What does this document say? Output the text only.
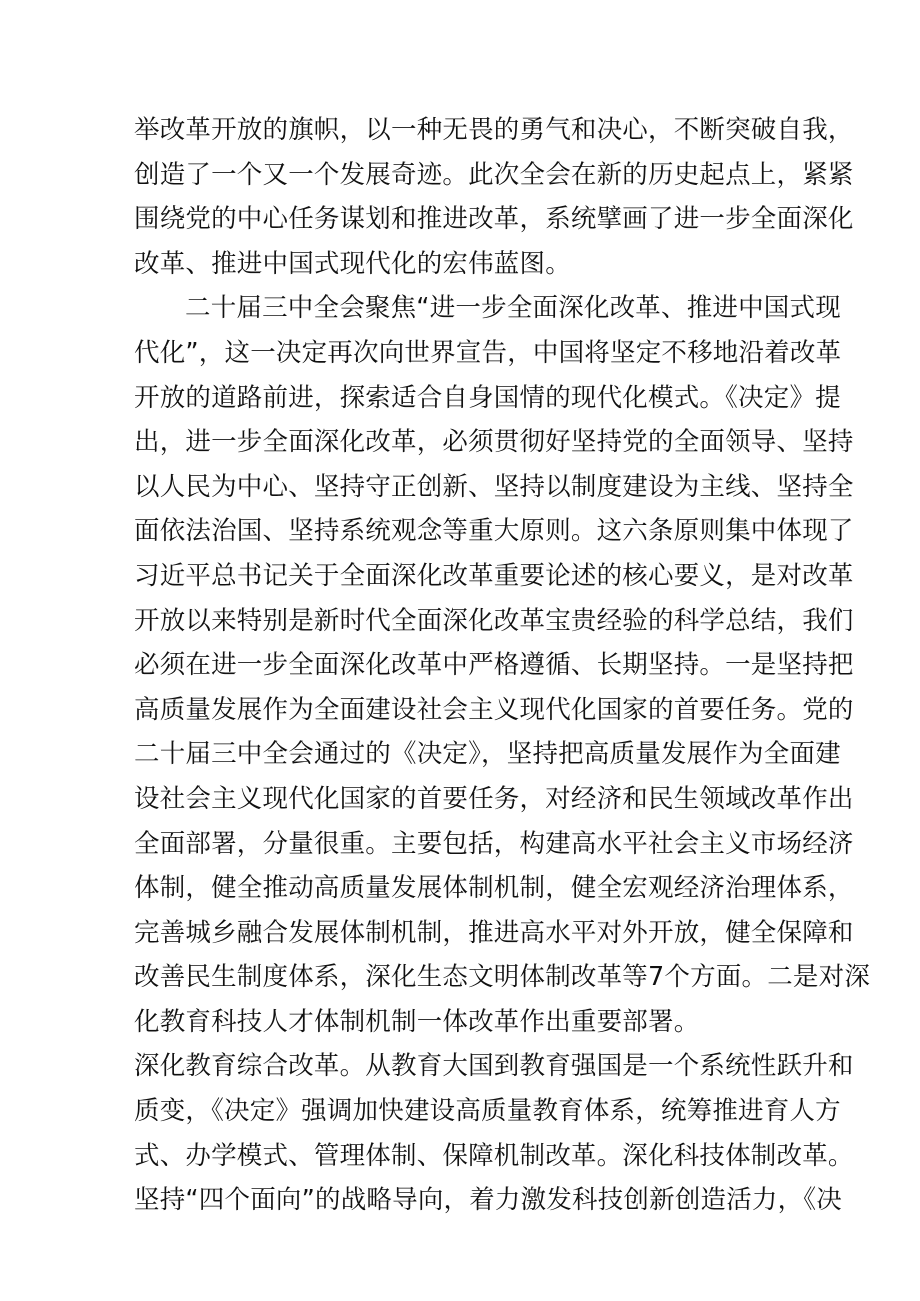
举改革开放的旗帜，以一种无畏的勇气和决心，不断突破自我，
创造了一个又一个发展奇迹。此次全会在新的历史起点上，紧紧
围绕党的中心任务谋划和推进改革，系统擘画了进一步全面深化
改革、推进中国式现代化的宏伟蓝图。

二十届三中全会聚焦“进一步全面深化改革、推进中国式现
代化”，这一决定再次向世界宣告，中国将坚定不移地沿着改革
开放的道路前进，探索适合自身国情的现代化模式。《决定》提
出，进一步全面深化改革，必须贯彻好坚持党的全面领导、坚持
以人民为中心、坚持守正创新、坚持以制度建设为主线、坚持全
面依法治国、坚持系统观念等重大原则。这六条原则集中体现了
习近平总书记关于全面深化改革重要论述的核心要义，是对改革
开放以来特别是新时代全面深化改革宝贵经验的科学总结，我们
必须在进一步全面深化改革中严格遵循、长期坚持。一是坚持把
高质量发展作为全面建设社会主义现代化国家的首要任务。党的
二十届三中全会通过的《决定》，坚持把高质量发展作为全面建
设社会主义现代化国家的首要任务，对经济和民生领域改革作出
全面部署，分量很重。主要包括，构建高水平社会主义市场经济
体制，健全推动高质量发展体制机制，健全宏观经济治理体系，
完善城乡融合发展体制机制，推进高水平对外开放，健全保障和
改善民生制度体系，深化生态文明体制改革等7个方面。二是对深
化教育科技人才体制机制一体改革作出重要部署。

深化教育综合改革。从教育大国到教育强国是一个系统性跃升和
质变，《决定》强调加快建设高质量教育体系，统筹推进育人方
式、办学模式、管理体制、保障机制改革。深化科技体制改革。
坚持“四个面向”的战略导向，着力激发科技创新创造活力，《决
